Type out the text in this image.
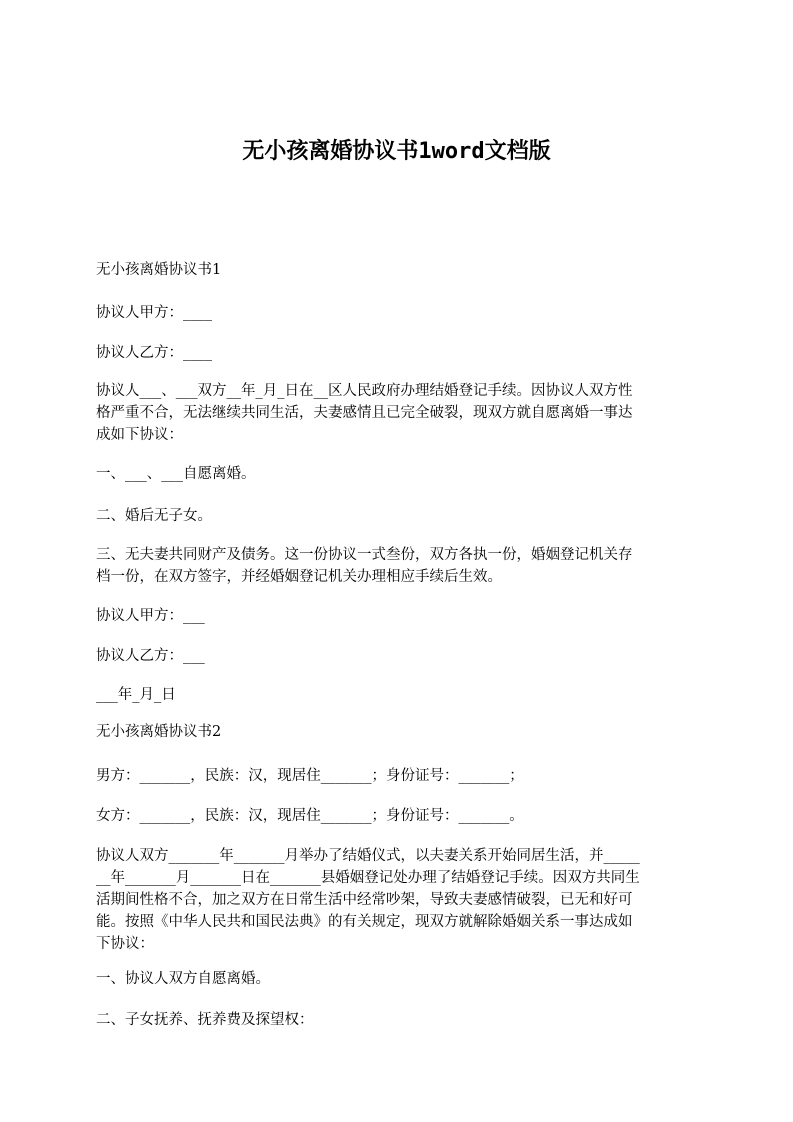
无小孩离婚协议书1word文档版

无小孩离婚协议书1

协议人甲方：____

协议人乙方：____

协议人___、___双方__年_月_日在__区人民政府办理结婚登记手续。因协议人双方性
格严重不合，无法继续共同生活，夫妻感情且已完全破裂，现双方就自愿离婚一事达
成如下协议：

一、___、___自愿离婚。

二、婚后无子女。

三、无夫妻共同财产及债务。这一份协议一式叁份，双方各执一份，婚姻登记机关存
档一份，在双方签字，并经婚姻登记机关办理相应手续后生效。

协议人甲方：___

协议人乙方：___

___年_月_日

无小孩离婚协议书2

男方：_______，民族：汉，现居住_______；身份证号：_______；

女方：_______，民族：汉，现居住_______；身份证号：_______。

协议人双方_______年_______月举办了结婚仪式，以夫妻关系开始同居生活，并_____
__年_______月_______日在_______县婚姻登记处办理了结婚登记手续。因双方共同生
活期间性格不合，加之双方在日常生活中经常吵架，导致夫妻感情破裂，已无和好可
能。按照《中华人民共和国民法典》的有关规定，现双方就解除婚姻关系一事达成如
下协议：

一、协议人双方自愿离婚。

二、子女抚养、抚养费及探望权：
